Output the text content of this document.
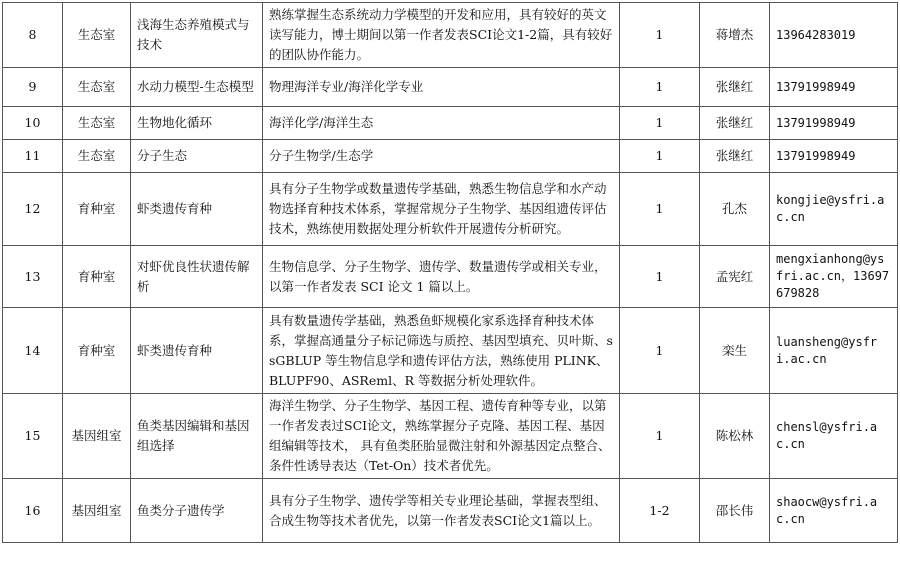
8	生态室	浅海生态养殖模式与技术	熟练掌握生态系统动力学模型的开发和应用，具有较好的英文读写能力，博士期间以第一作者发表SCI论文1-2篇，具有较好的团队协作能力。	1	蒋增杰	13964283019
9	生态室	水动力模型-生态模型	物理海洋专业/海洋化学专业	1	张继红	13791998949
10	生态室	生物地化循环	海洋化学/海洋生态	1	张继红	13791998949
11	生态室	分子生态	分子生物学/生态学	1	张继红	13791998949
12	育种室	虾类遗传育种	具有分子生物学或数量遗传学基础，熟悉生物信息学和水产动物选择育种技术体系，掌握常规分子生物学、基因组遗传评估技术，熟练使用数据处理分析软件开展遗传分析研究。	1	孔杰	kongjie@ysfri.ac.cn
13	育种室	对虾优良性状遗传解析	生物信息学、分子生物学、遗传学、数量遗传学或相关专业，以第一作者发表 SCI 论文 1 篇以上。	1	孟宪红	mengxianhong@ysfri.ac.cn，13697679828
14	育种室	虾类遗传育种	具有数量遗传学基础，熟悉鱼虾规模化家系选择育种技术体系，掌握高通量分子标记筛选与质控、基因型填充、贝叶斯、ssGBLUP 等生物信息学和遗传评估方法，熟练使用 PLINK、BLUPF90、ASReml、R 等数据分析处理软件。	1	栾生	luansheng@ysfri.ac.cn
15	基因组室	鱼类基因编辑和基因组选择	海洋生物学、分子生物学、基因工程、遗传育种等专业，以第一作者发表过SCI论文，熟练掌握分子克隆、基因工程、基因组编辑等技术， 具有鱼类胚胎显微注射和外源基因定点整合、条件性诱导表达（Tet-On）技术者优先。	1	陈松林	chensl@ysfri.ac.cn
16	基因组室	鱼类分子遗传学	具有分子生物学、遗传学等相关专业理论基础，掌握表型组、合成生物等技术者优先，以第一作者发表SCI论文1篇以上。	1-2	邵长伟	shaocw@ysfri.ac.cn
